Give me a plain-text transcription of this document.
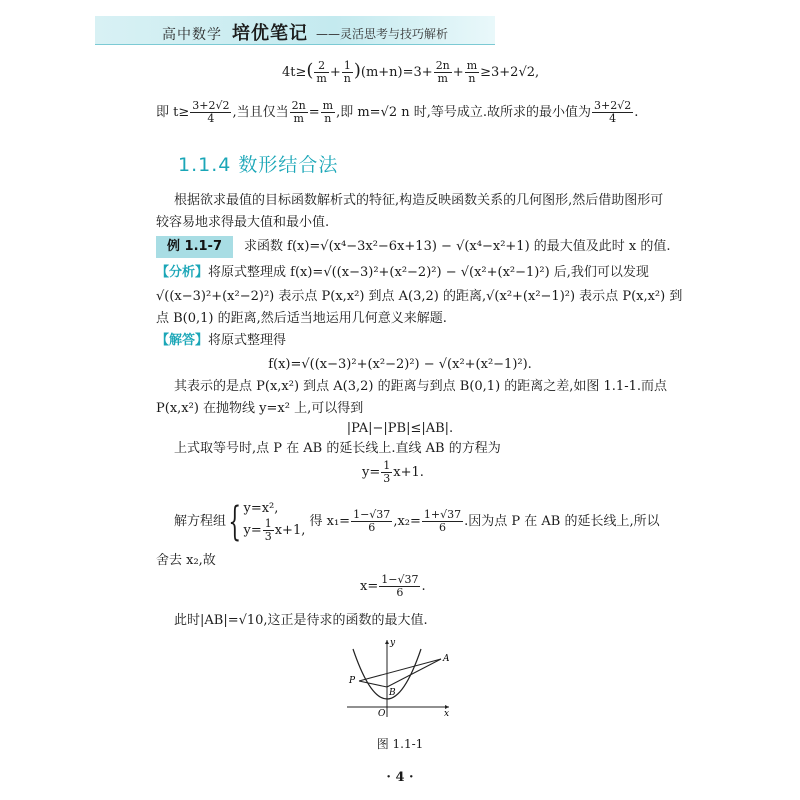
高中数学 培优笔记 ——灵活思考与技巧解析
$4t\ge( \frac{2}{m} + \frac{1}{n} )(m+n)=3+ \frac{2n}{m} + \frac{m}{n} \ge 3+2√2$,
即 $t\ge \frac{3+2√2}{4}$ ,当且仅当 $\frac{2n}{m} = \frac{m}{n}$ ,即 m=√2 n 时,等号成立.故所求的最小值为 $\frac{3+2√2}{4}$ .
1.1.4 数形结合法
根据欲求最值的目标函数解析式的特征,构造反映函数关系的几何图形,然后借助图形可
较容易地求得最大值和最小值.
例 1.1-7	求函数 f(x)=√(x⁴−3x²−6x+13) − √(x⁴−x²+1) 的最大值及此时 x 的值.
【分析】将原式整理成 f(x)=√((x−3)²+(x²−2)²) − √(x²+(x²−1)²) 后,我们可以发现
√((x−3)²+(x²−2)²) 表示点 P(x,x²) 到点 A(3,2) 的距离,√(x²+(x²−1)²) 表示点 P(x,x²) 到
点 B(0,1) 的距离,然后适当地运用几何意义来解题.
【解答】将原式整理得
f(x)=√((x−3)²+(x²−2)²) − √(x²+(x²−1)²).
其表示的是点 P(x,x²) 到点 A(3,2) 的距离与到点 B(0,1) 的距离之差,如图 1.1-1.而点
P(x,x²) 在抛物线 y=x² 上,可以得到
|PA|−|PB|≤|AB|.
上式取等号时,点 P 在 AB 的延长线上.直线 AB 的方程为
$y= \frac{1}{3} x+1$.
解方程组{ y=x²,
$y= \frac{1}{3} x+1$,
得 $x_1= \frac{1-√37}{6} ,x_2= \frac{1+√37}{6}$ .因为点 P 在 AB 的延长线上,所以
舍去 x₂,故
$x= \frac{1-√37}{6}$ .
此时|AB|=√10,这正是待求的函数的最大值.
y
x
O
A
B
P
图 1.1-1
· 4 ·
